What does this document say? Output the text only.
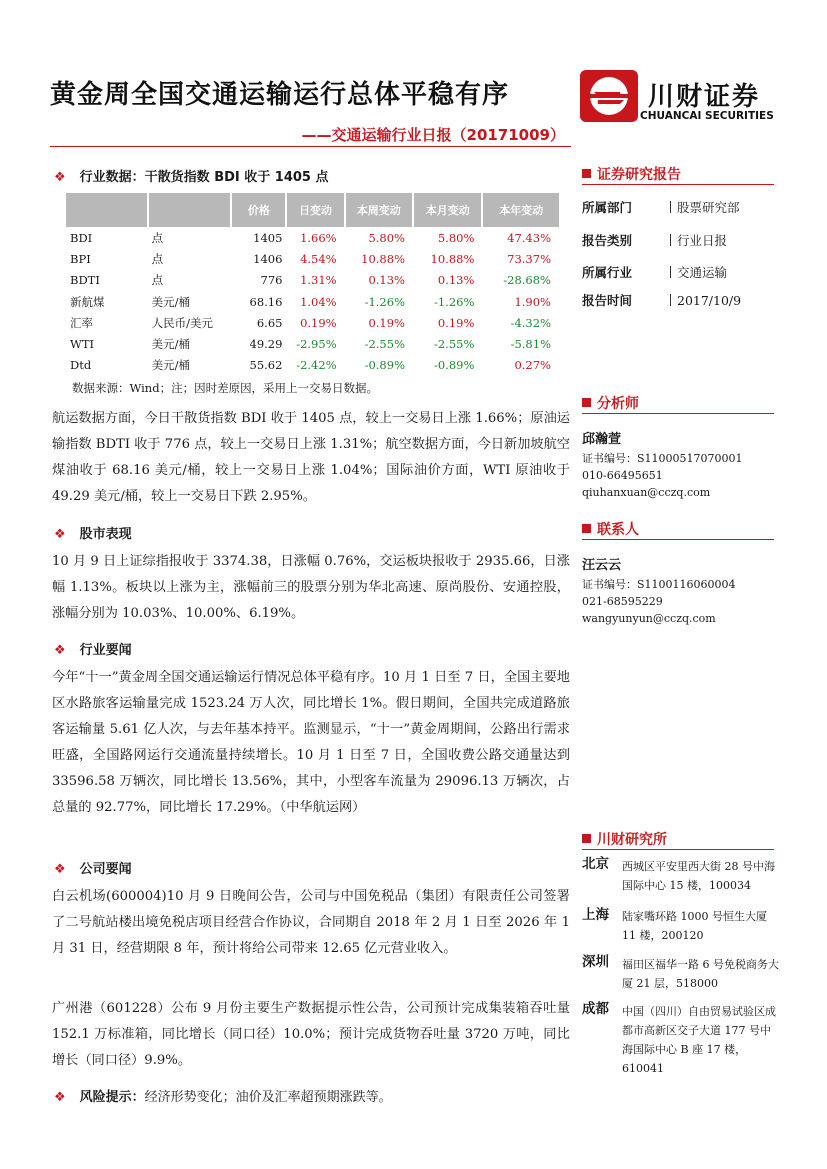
黄金周全国交通运输运行总体平稳有序
——交通运输行业日报（20171009）
川财证券
CHUANCAI SECURITIES
❖ 行业数据：干散货指数 BDI 收于 1405 点
		价格	日变动	本周变动	本月变动	本年变动
BDI	点	1405	1.66%	5.80%	5.80%	47.43%
BPI	点	1406	4.54%	10.88%	10.88%	73.37%
BDTI	点	776	1.31%	0.13%	0.13%	-28.68%
新航煤	美元/桶	68.16	1.04%	-1.26%	-1.26%	1.90%
汇率	人民币/美元	6.65	0.19%	0.19%	0.19%	-4.32%
WTI	美元/桶	49.29	-2.95%	-2.55%	-2.55%	-5.81%
Dtd	美元/桶	55.62	-2.42%	-0.89%	-0.89%	0.27%
数据来源：Wind；注；因时差原因，采用上一交易日数据。
航运数据方面，今日干散货指数 BDI 收于 1405 点，较上一交易日上涨 1.66%；原油运输指数 BDTI 收于 776 点，较上一交易日上涨 1.31%；航空数据方面，今日新加坡航空煤油收于 68.16 美元/桶，较上一交易日上涨 1.04%；国际油价方面，WTI 原油收于 49.29 美元/桶，较上一交易日下跌 2.95%。
❖ 股市表现
10 月 9 日上证综指报收于 3374.38，日涨幅 0.76%，交运板块报收于 2935.66，日涨幅 1.13%。板块以上涨为主，涨幅前三的股票分别为华北高速、原尚股份、安通控股，涨幅分别为 10.03%、10.00%、6.19%。
❖ 行业要闻
今年“十一”黄金周全国交通运输运行情况总体平稳有序。10 月 1 日至 7 日，全国主要地区水路旅客运输量完成 1523.24 万人次，同比增长 1%。假日期间，全国共完成道路旅客运输量 5.61 亿人次，与去年基本持平。监测显示，“十一”黄金周期间，公路出行需求旺盛，全国路网运行交通流量持续增长。10 月 1 日至 7 日，全国收费公路交通量达到 33596.58 万辆次，同比增长 13.56%，其中，小型客车流量为 29096.13 万辆次，占总量的 92.77%，同比增长 17.29%。（中华航运网）
❖ 公司要闻
白云机场(600004)10 月 9 日晚间公告，公司与中国免税品（集团）有限责任公司签署了二号航站楼出境免税店项目经营合作协议，合同期自 2018 年 2 月 1 日至 2026 年 1 月 31 日，经营期限 8 年，预计将给公司带来 12.65 亿元营业收入。
广州港（601228）公布 9 月份主要生产数据提示性公告，公司预计完成集装箱吞吐量 152.1 万标准箱，同比增长（同口径）10.0%；预计完成货物吞吐量 3720 万吨，同比增长（同口径）9.9%。
❖ 风险提示：经济形势变化；油价及汇率超预期涨跌等。
证券研究报告
所属部门	股票研究部
报告类别	行业日报
所属行业	交通运输
报告时间	2017/10/9
分析师
邱瀚萱
证书编号：S1100051707000​1
010-66495651
qiuhanxuan@cczq.com
联系人
汪云云
证书编号：S1100116060004
021-68595229
wangyunyun@cczq.com
川财研究所
北京 西城区平安里西大街 28 号中海国际中心 15 楼，100034
上海 陆家嘴环路 1000 号恒生大厦 11 楼，200120
深圳 福田区福华一路 6 号免税商务大厦 21 层，518000
成都 中国（四川）自由贸易试验区成都市高新区交子大道 177 号中海国际中心 B 座 17 楼，610041
